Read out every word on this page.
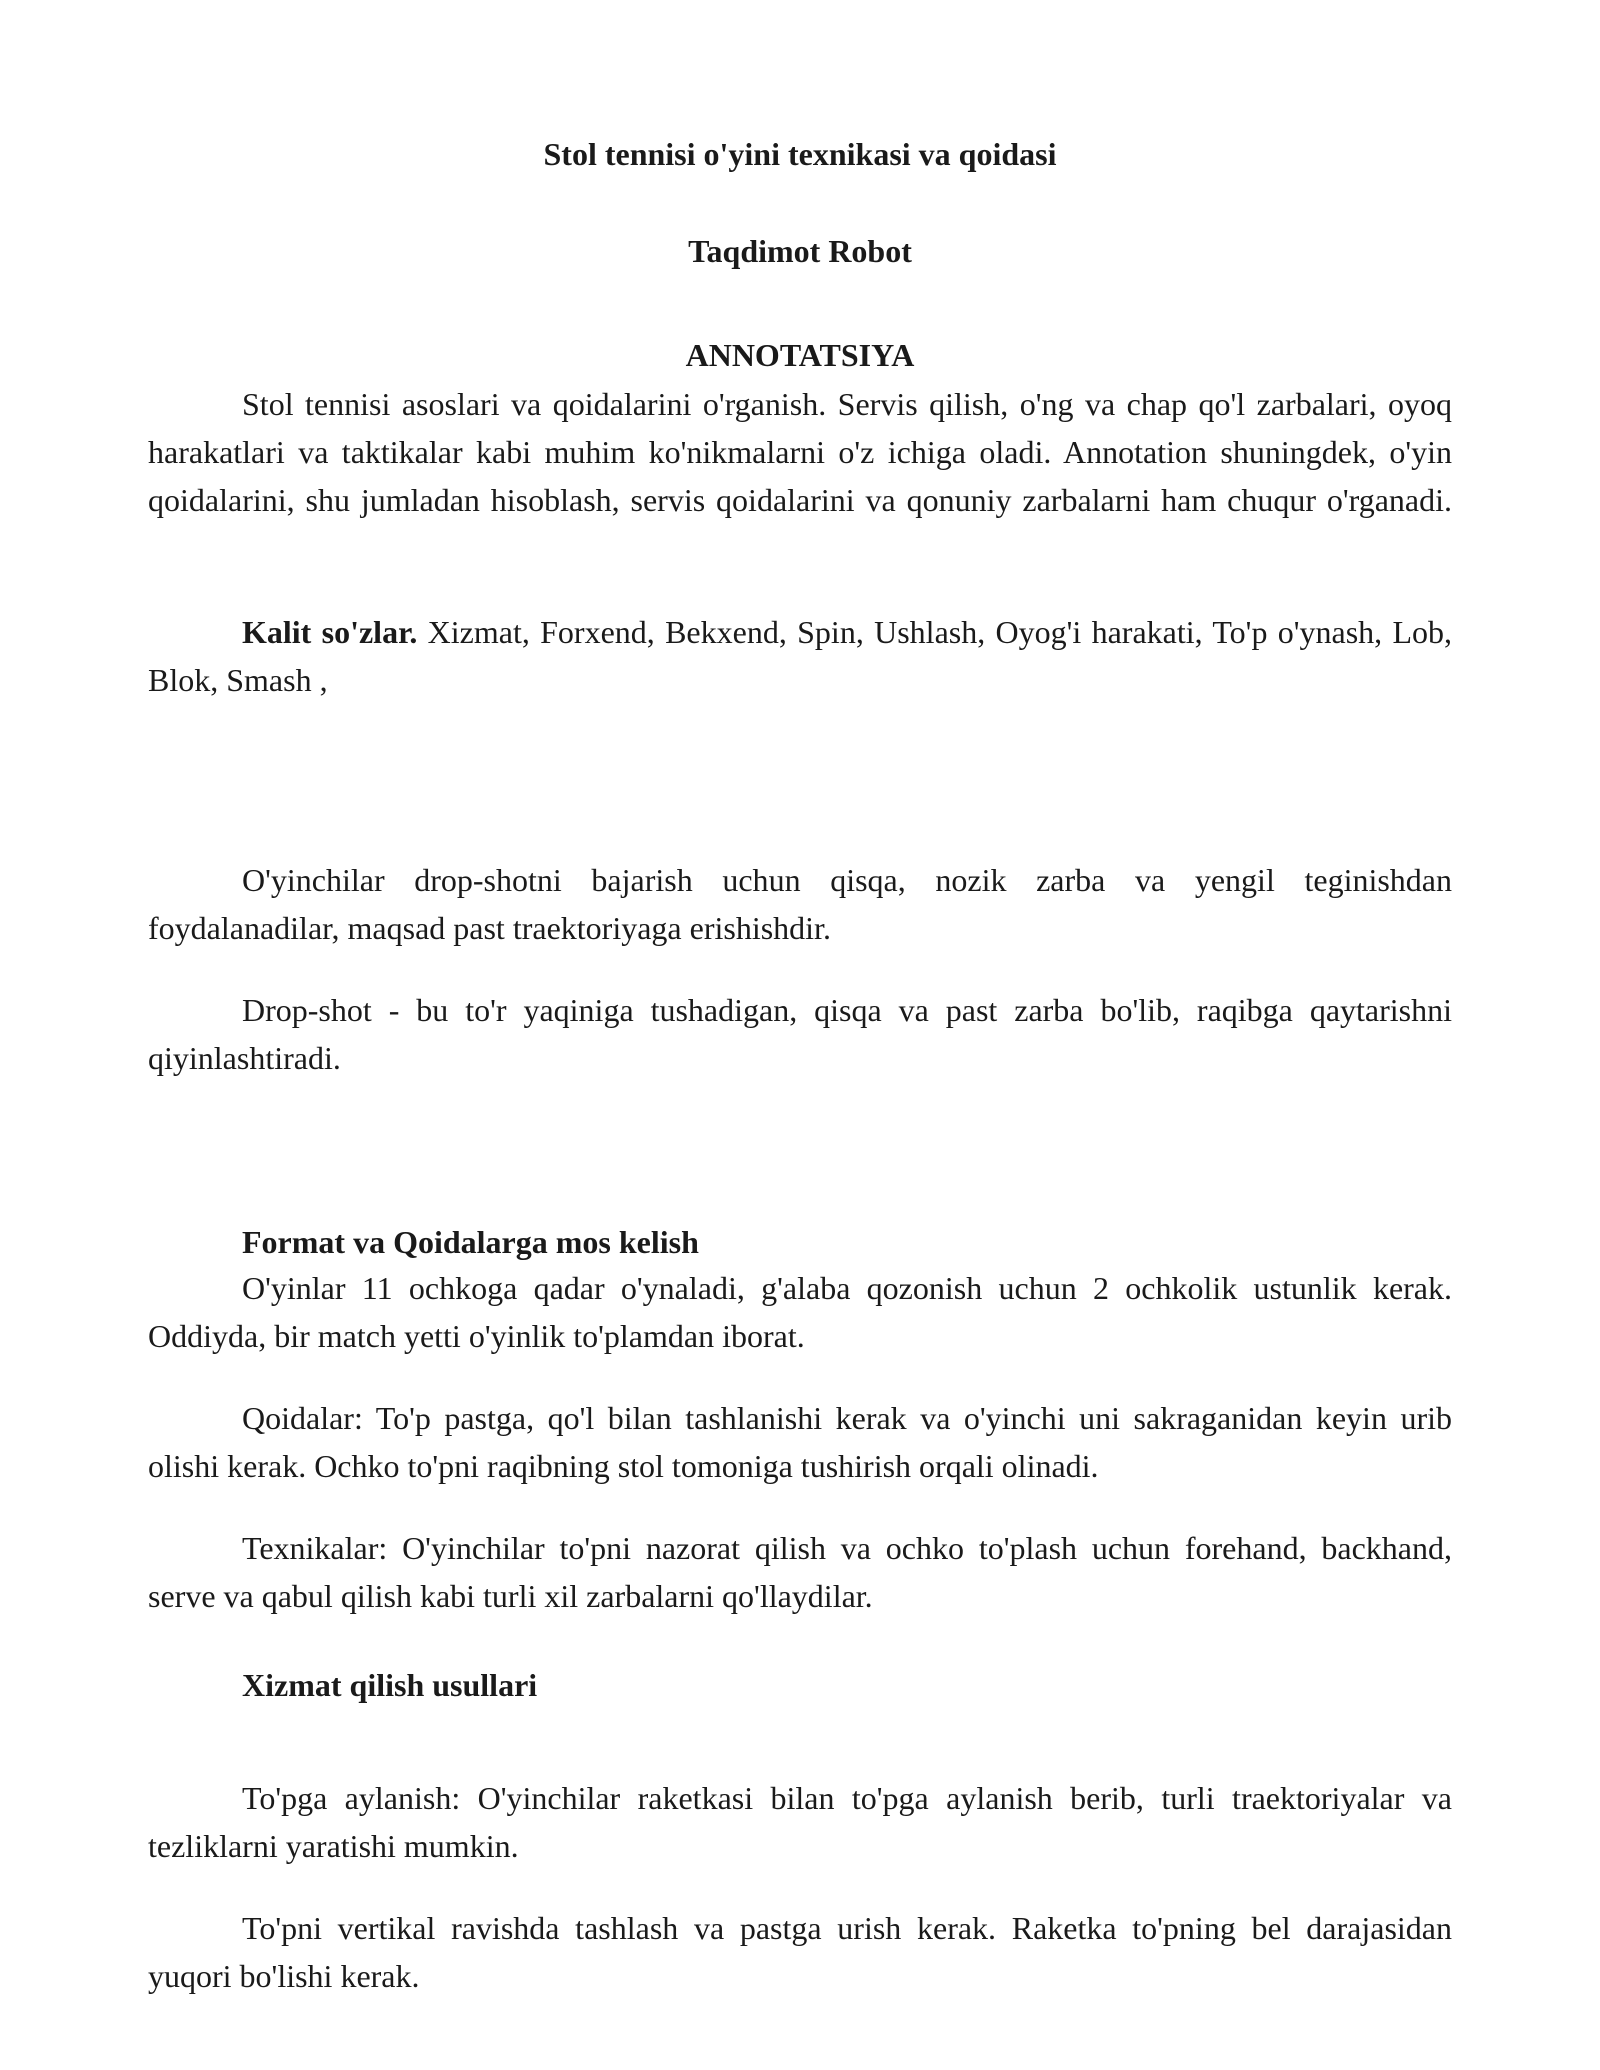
Stol tennisi o'yini texnikasi va qoidasi
Taqdimot Robot
ANNOTATSIYA

Stol tennisi asoslari va qoidalarini o'rganish. Servis qilish, o'ng va chap qo'l zarbalari, oyoq harakatlari va taktikalar kabi muhim ko'nikmalarni o'z ichiga oladi. Annotation shuningdek, o'yin qoidalarini, shu jumladan hisoblash, servis qoidalarini va qonuniy zarbalarni ham chuqur o'rganadi.

Kalit so'zlar. Xizmat, Forxend, Bekxend, Spin, Ushlash, Oyog'i harakati, To'p o'ynash, Lob, Blok, Smash ,

O'yinchilar drop-shotni bajarish uchun qisqa, nozik zarba va yengil teginishdan foydalanadilar, maqsad past traektoriyaga erishishdir.

Drop-shot - bu to'r yaqiniga tushadigan, qisqa va past zarba bo'lib, raqibga qaytarishni qiyinlashtiradi.

Format va Qoidalarga mos kelish

O'yinlar 11 ochkoga qadar o'ynaladi, g'alaba qozonish uchun 2 ochkolik ustunlik kerak. Oddiyda, bir match yetti o'yinlik to'plamdan iborat.

Qoidalar: To'p pastga, qo'l bilan tashlanishi kerak va o'yinchi uni sakraganidan keyin urib olishi kerak. Ochko to'pni raqibning stol tomoniga tushirish orqali olinadi.

Texnikalar: O'yinchilar to'pni nazorat qilish va ochko to'plash uchun forehand, backhand, serve va qabul qilish kabi turli xil zarbalarni qo'llaydilar.

Xizmat qilish usullari

To'pga aylanish: O'yinchilar raketkasi bilan to'pga aylanish berib, turli traektoriyalar va tezliklarni yaratishi mumkin.

To'pni vertikal ravishda tashlash va pastga urish kerak. Raketka to'pning bel darajasidan yuqori bo'lishi kerak.
